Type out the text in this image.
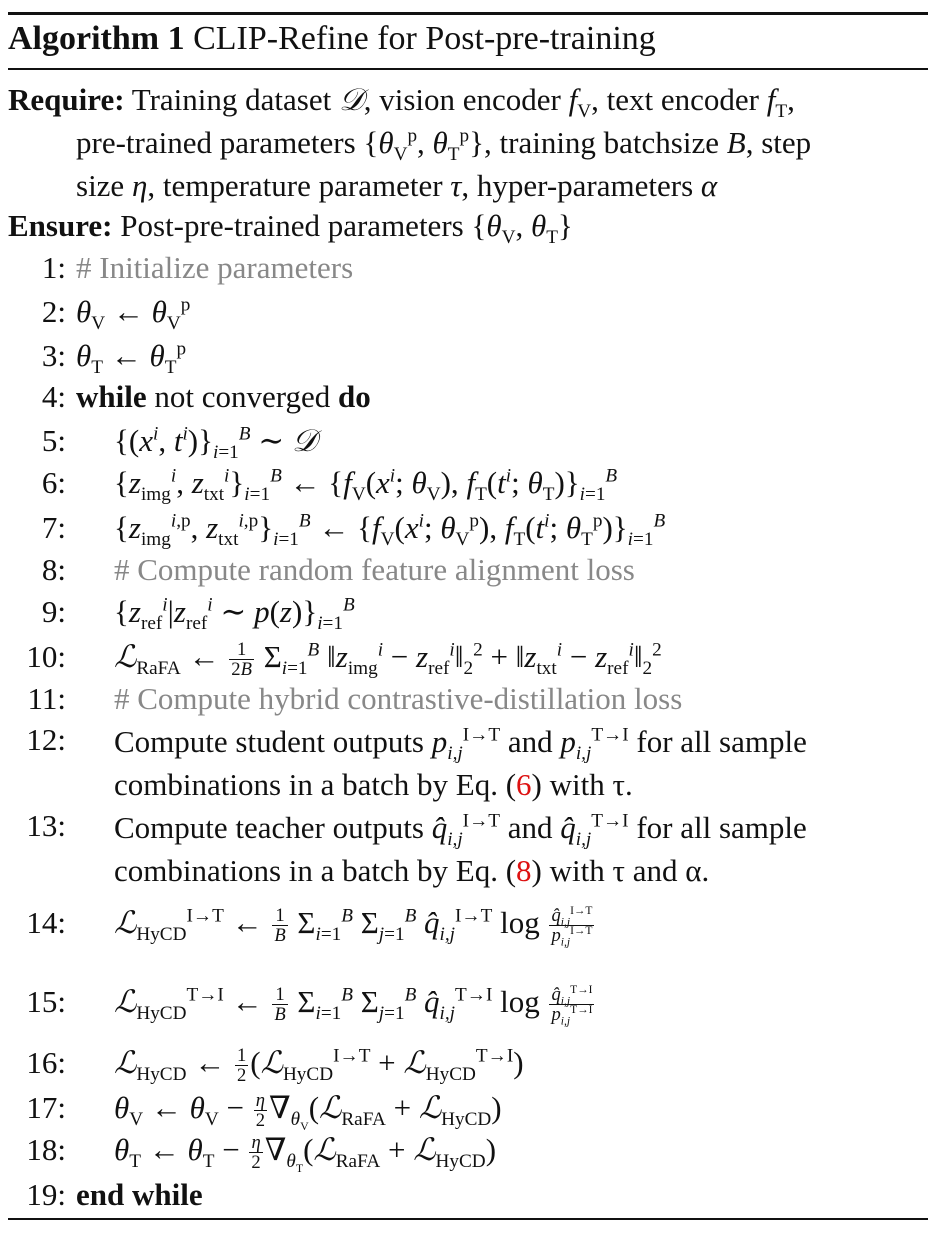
Algorithm 1 CLIP-Refine for Post-pre-training
Require: Training dataset 𝒟, vision encoder $f_V$, text encoder $f_T$,
pre-trained parameters {$\theta_V^p$, $\theta_T^p$}, training batchsize B, step
size η, temperature parameter τ, hyper-parameters α
Ensure: Post-pre-trained parameters {$\theta_V$, $\theta_T$}
1: # Initialize parameters
2: $\theta_V$ ← $\theta_V^p$
3: $\theta_T$ ← $\theta_T^p$
4: while not converged do
5: {($x^i$, $t^i)\}_{i=1}^B$ ∼ 𝒟
6: {$z_{img}^i$, $z_{txt}^i\}_{i=1}^B$ ← {$f_V(x^i$; $\theta_V$), $f_T(t^i$; $\theta_T)\}_{i=1}^B$
7: {$z_{img}^{i,p}$, $z_{txt}^{i,p}\}_{i=1}^B$ ← {$f_V(x^i$; $\theta_V^p$), $f_T(t^i$; $\theta_T^p)\}_{i=1}^B$
8: # Compute random feature alignment loss
9: {$z_{ref}^i|z_{ref}^i$ ∼ $p(z)\}_{i=1}^B$
10: ℒ$_{RaFA}$ ← $\frac{1}{2B} \Sigma_{i=1}^B$ $‖z_{img}^i$ − $z_{ref}^i‖_2^2$ + $‖z_{txt}^i$ − $z_{ref}^i‖_2^2$
11: # Compute hybrid contrastive-distillation loss
12: Compute student outputs $p_{i,j}^{I\to T}$ and $p_{i,j}^{T\to I}$ for all sample combinations in a batch by Eq. (6) with τ.
13: Compute teacher outputs $q̂_{i,j}^{I\to T}$ and $q̂_{i,j}^{T\to I}$ for all sample combinations in a batch by Eq. (8) with τ and α.
14: ℒ$_{HyCD}^{I\to T}$ ← $\frac{1}{B} \Sigma_{i=1}^B$ $\Sigma_{j=1}^B$ $q̂_{i,j}^{I\to T}$ $\log \frac{q̂_{i,j}^{I\to T}}{p_{i,j}^{I\to T}}$
15: ℒ$_{HyCD}^{T\to I}$ ← $\frac{1}{B} \Sigma_{i=1}^B$ $\Sigma_{j=1}^B$ $q̂_{i,j}^{T\to I}$ $\log \frac{q̂_{i,j}^{T\to I}}{p_{i,j}^{T\to I}}$
16: ℒ$_{HyCD}$ ← $\frac{1}{2}$ (ℒ$_{HyCD}^{I\to T}$ + ℒ$_{HyCD}^{T\to I}$)
17: $\theta_V$ ← $\theta_V - \frac{\eta}{2}$ $\nabla_{\theta_V}(ℒ_{RaFA}$ + ℒ$_{HyCD}$)
18: $\theta_T$ ← $\theta_T - \frac{\eta}{2}$ $\nabla_{\theta_T}(ℒ_{RaFA}$ + ℒ$_{HyCD}$)
19: end while
